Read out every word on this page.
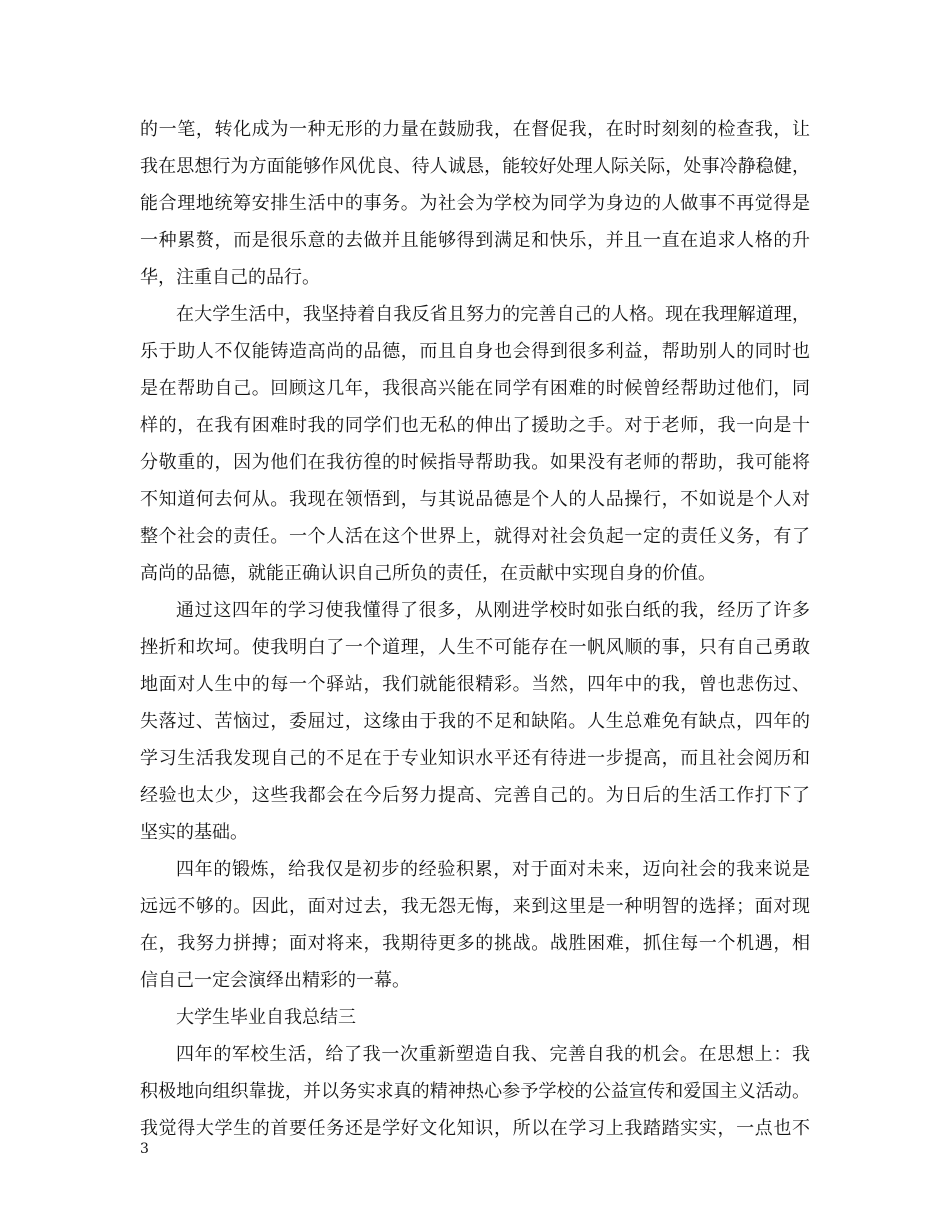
的一笔，转化成为一种无形的力量在鼓励我，在督促我，在时时刻刻的检查我，让
我在思想行为方面能够作风优良、待人诚恳，能较好处理人际关际，处事冷静稳健，
能合理地统筹安排生活中的事务。为社会为学校为同学为身边的人做事不再觉得是
一种累赘，而是很乐意的去做并且能够得到满足和快乐，并且一直在追求人格的升
华，注重自己的品行。
在大学生活中，我坚持着自我反省且努力的完善自己的人格。现在我理解道理，
乐于助人不仅能铸造高尚的品德，而且自身也会得到很多利益，帮助别人的同时也
是在帮助自己。回顾这几年，我很高兴能在同学有困难的时候曾经帮助过他们，同
样的，在我有困难时我的同学们也无私的伸出了援助之手。对于老师，我一向是十
分敬重的，因为他们在我彷徨的时候指导帮助我。如果没有老师的帮助，我可能将
不知道何去何从。我现在领悟到，与其说品德是个人的人品操行，不如说是个人对
整个社会的责任。一个人活在这个世界上，就得对社会负起一定的责任义务，有了
高尚的品德，就能正确认识自己所负的责任，在贡献中实现自身的价值。
通过这四年的学习使我懂得了很多，从刚进学校时如张白纸的我，经历了许多
挫折和坎坷。使我明白了一个道理，人生不可能存在一帆风顺的事，只有自己勇敢
地面对人生中的每一个驿站，我们就能很精彩。当然，四年中的我，曾也悲伤过、
失落过、苦恼过，委屈过，这缘由于我的不足和缺陷。人生总难免有缺点，四年的
学习生活我发现自己的不足在于专业知识水平还有待进一步提高，而且社会阅历和
经验也太少，这些我都会在今后努力提高、完善自己的。为日后的生活工作打下了
坚实的基础。
四年的锻炼，给我仅是初步的经验积累，对于面对未来，迈向社会的我来说是
远远不够的。因此，面对过去，我无怨无悔，来到这里是一种明智的选择；面对现
在，我努力拼搏；面对将来，我期待更多的挑战。战胜困难，抓住每一个机遇，相
信自己一定会演绎出精彩的一幕。
大学生毕业自我总结三
四年的军校生活，给了我一次重新塑造自我、完善自我的机会。在思想上：我
积极地向组织靠拢，并以务实求真的精神热心参予学校的公益宣传和爱国主义活动。
我觉得大学生的首要任务还是学好文化知识，所以在学习上我踏踏实实，一点也不
3
